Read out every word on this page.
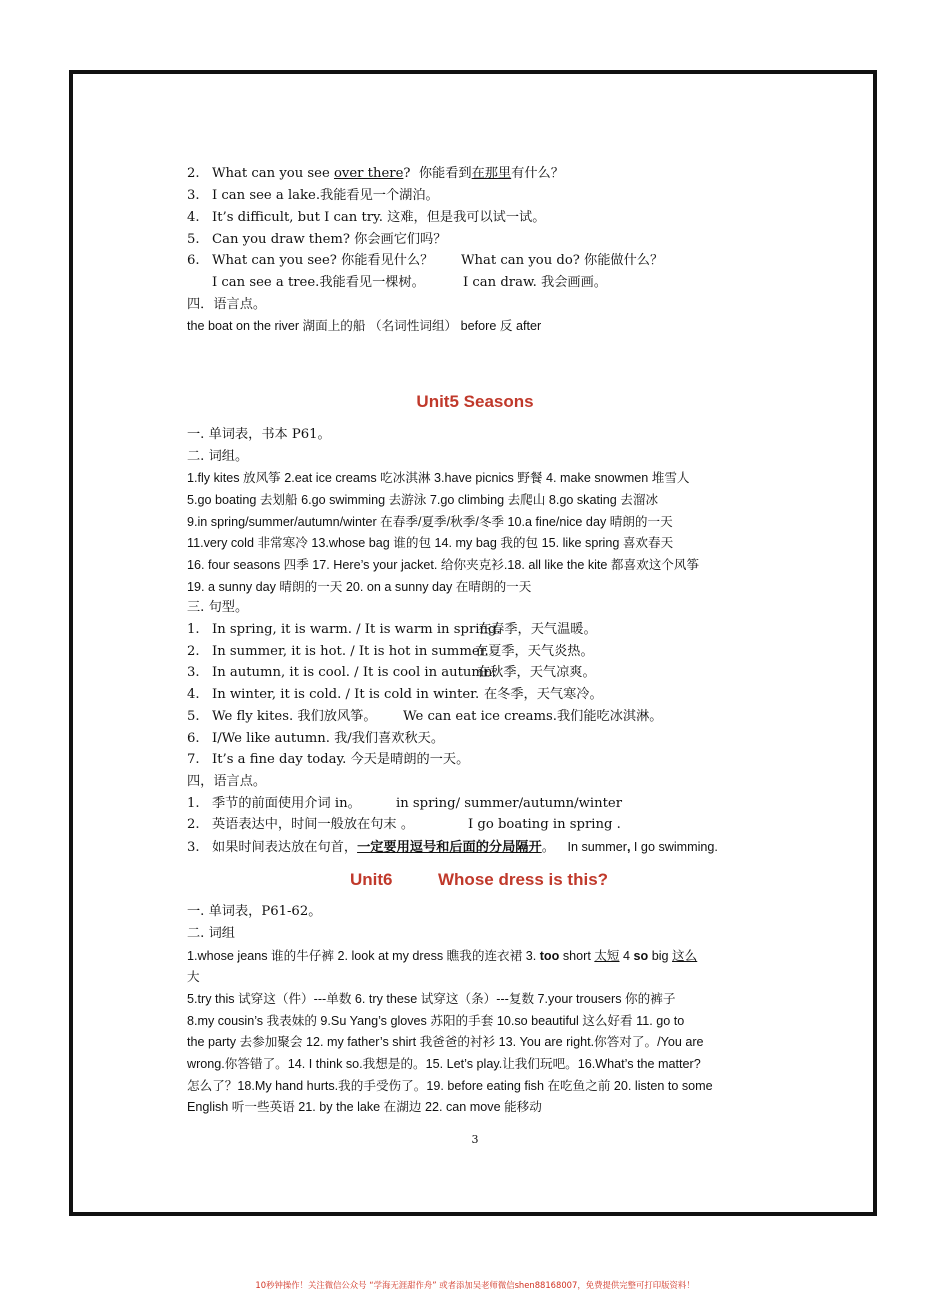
2. What can you see over there? 你能看到在那里有什么？
3. I can see a lake.我能看见一个湖泊。
4. It’s difficult, but I can try. 这难，但是我可以试一试。
5. Can you draw them? 你会画它们吗？
6. What can you see? 你能看见什么？ What can you do? 你能做什么？
I can see a tree.我能看见一棵树。	I can draw. 我会画画。
四．语言点。
the boat on the river 湖面上的船 （名词性词组） before 反 after
Unit5 Seasons
一. 单词表，书本 P61。
二. 词组。
1.fly kites 放风筝 2.eat ice creams 吃冰淇淋 3.have picnics 野餐 4. make snowmen 堆雪人
5.go boating 去划船 6.go swimming 去游泳 7.go climbing 去爬山 8.go skating 去溜冰
9.in spring/summer/autumn/winter 在春季/夏季/秋季/冬季 10.a fine/nice day 晴朗的一天
11.very cold 非常寒冷 13.whose bag 谁的包 14. my bag 我的包 15. like spring 喜欢春天
16. four seasons 四季 17. Here’s your jacket. 给你夹克衫.18. all like the kite 都喜欢这个风筝
19. a sunny day 晴朗的一天 20. on a sunny day 在晴朗的一天
三. 句型。
1. In spring, it is warm. / It is warm in spring.在春季，天气温暖。
2. In summer, it is hot. / It is hot in summer.在夏季，天气炎热。
3. In autumn, it is cool. / It is cool in autumn.在秋季，天气凉爽。
4. In winter, it is cold. / It is cold in winter. 在冬季，天气寒冷。
5. We fly kites. 我们放风筝。 We can eat ice creams.我们能吃冰淇淋。
6. I/We like autumn. 我/我们喜欢秋天。
7. It’s a fine day today. 今天是晴朗的一天。
四，语言点。
1. 季节的前面使用介词 in。	in spring/ summer/autumn/winter
2. 英语表达中，时间一般放在句末 。	I go boating in spring .
3. 如果时间表达放在句首，一定要用逗号和后面的分局隔开。 In summer, I go swimming.
Unit6	Whose dress is this?
一. 单词表，P61-62。
二. 词组
1.whose jeans 谁的牛仔裤 2. look at my dress 瞧我的连衣裙 3. too short 太短 4 so big 这么
大
5.try this 试穿这（件）---单数 6. try these 试穿这（条）---复数 7.your trousers 你的裤子
8.my cousin’s 我表妹的 9.Su Yang’s gloves 苏阳的手套 10.so beautiful 这么好看 11. go to
the party 去参加聚会 12. my father’s shirt 我爸爸的衬衫 13. You are right.你答对了。/You are
wrong.你答错了。14. I think so.我想是的。15. Let’s play.让我们玩吧。16.What’s the matter?
怎么了？18.My hand hurts.我的手受伤了。19. before eating fish 在吃鱼之前 20. listen to some
English 听一些英语 21. by the lake 在湖边 22. can move 能移动
3
10秒钟操作！关注微信公众号 “学海无涯甜作舟” 或者添加吴老师微信shen88168007，免费提供完整可打印版资料！
